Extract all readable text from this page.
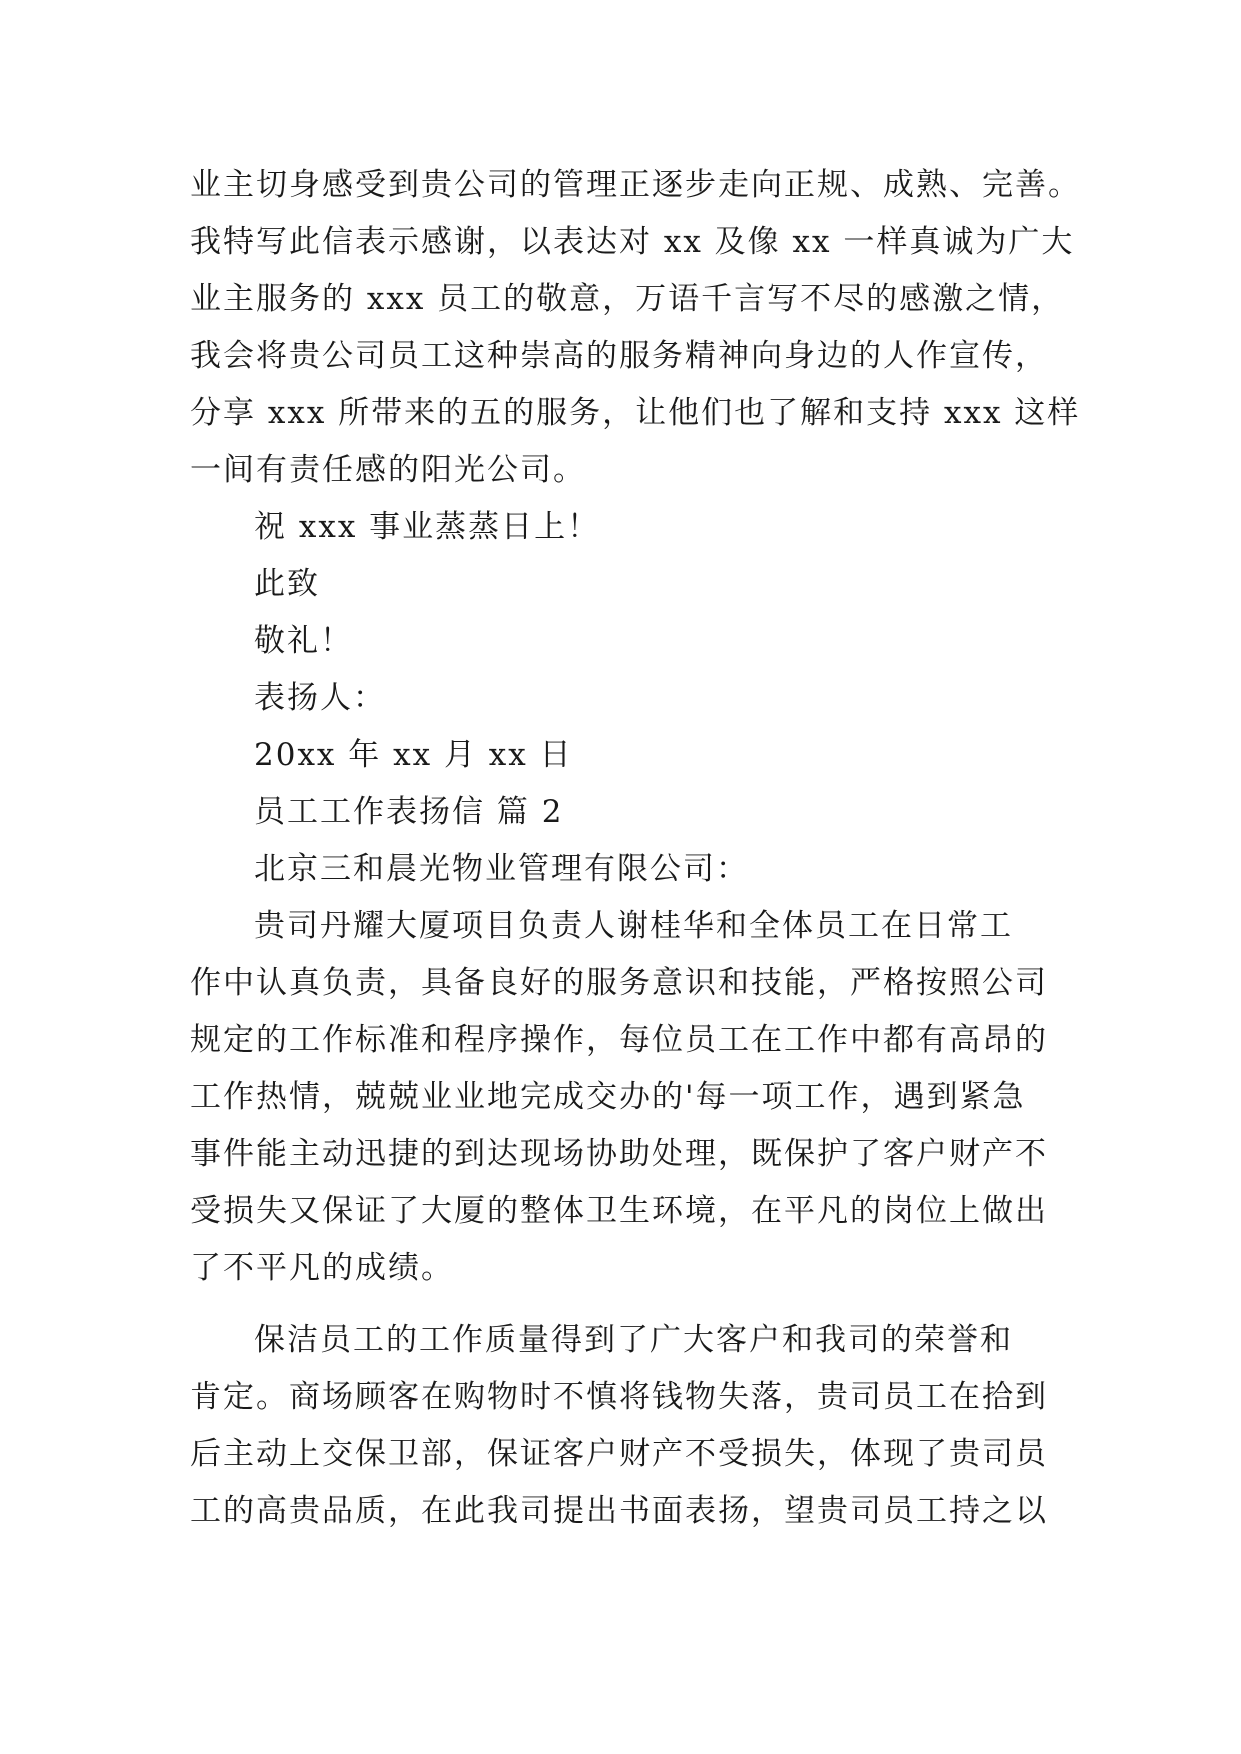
业主切身感受到贵公司的管理正逐步走向正规、成熟、完善。
我特写此信表示感谢，以表达对 xx 及像 xx 一样真诚为广大
业主服务的 xxx 员工的敬意，万语千言写不尽的感激之情，
我会将贵公司员工这种崇高的服务精神向身边的人作宣传，
分享 xxx 所带来的五的服务，让他们也了解和支持 xxx 这样
一间有责任感的阳光公司。
祝 xxx 事业蒸蒸日上！
此致
敬礼！
表扬人：
20xx 年 xx 月 xx 日
员工工作表扬信 篇 2
北京三和晨光物业管理有限公司：
贵司丹耀大厦项目负责人谢桂华和全体员工在日常工
作中认真负责，具备良好的服务意识和技能，严格按照公司
规定的工作标准和程序操作，每位员工在工作中都有高昂的
工作热情，兢兢业业地完成交办的'每一项工作，遇到紧急
事件能主动迅捷的到达现场协助处理，既保护了客户财产不
受损失又保证了大厦的整体卫生环境，在平凡的岗位上做出
了不平凡的成绩。
保洁员工的工作质量得到了广大客户和我司的荣誉和
肯定。商场顾客在购物时不慎将钱物失落，贵司员工在拾到
后主动上交保卫部，保证客户财产不受损失，体现了贵司员
工的高贵品质，在此我司提出书面表扬，望贵司员工持之以
